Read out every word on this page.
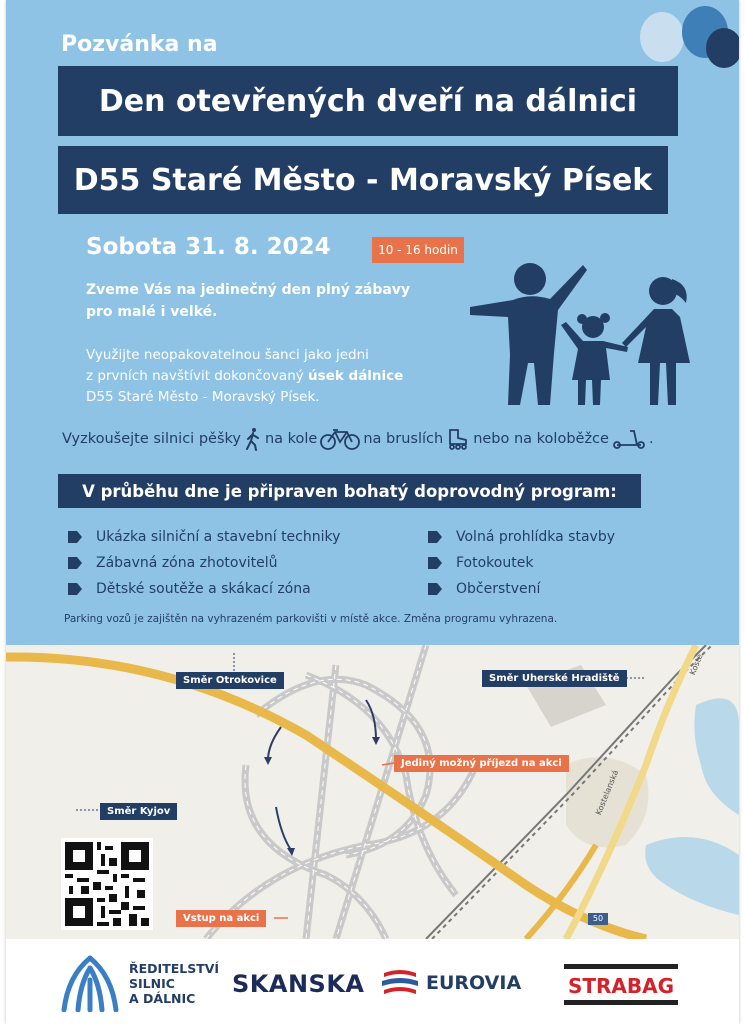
Pozvánka na
Den otevřených dveří na dálnici
D55 Staré Město - Moravský Písek
Sobota 31. 8. 2024	10 - 16 hodin
Zveme Vás na jedinečný den plný zábavy
pro malé i velké.
Využijte neopakovatelnou šanci jako jedni
z prvních navštívit dokončovaný úsek dálnice
D55 Staré Město - Moravský Písek.
Vyzkoušejte silnici pěšky na kole	na bruslích nebo na koloběžce	.
V průběhu dne je připraven bohatý doprovodný program:
Ukázka silniční a stavební techniky
Zábavná zóna zhotovitelů
Dětské soutěže a skákací zóna
Volná prohlídka stavby
Fotokoutek
Občerstvení
Parking vozů je zajištěn na vyhrazeném parkovišti v místě akce. Změna programu vyhrazena.
50
Kostelanská
Koste
Směr Otrokovice	Směr Uherské Hradiště
Směr Kyjov
Jediný možný příjezd na akci
Vstup na akci
ŘEDITELSTVÍ
SILNIC
A DÁLNIC
SKANSKA	EUROVIA STRABAG
